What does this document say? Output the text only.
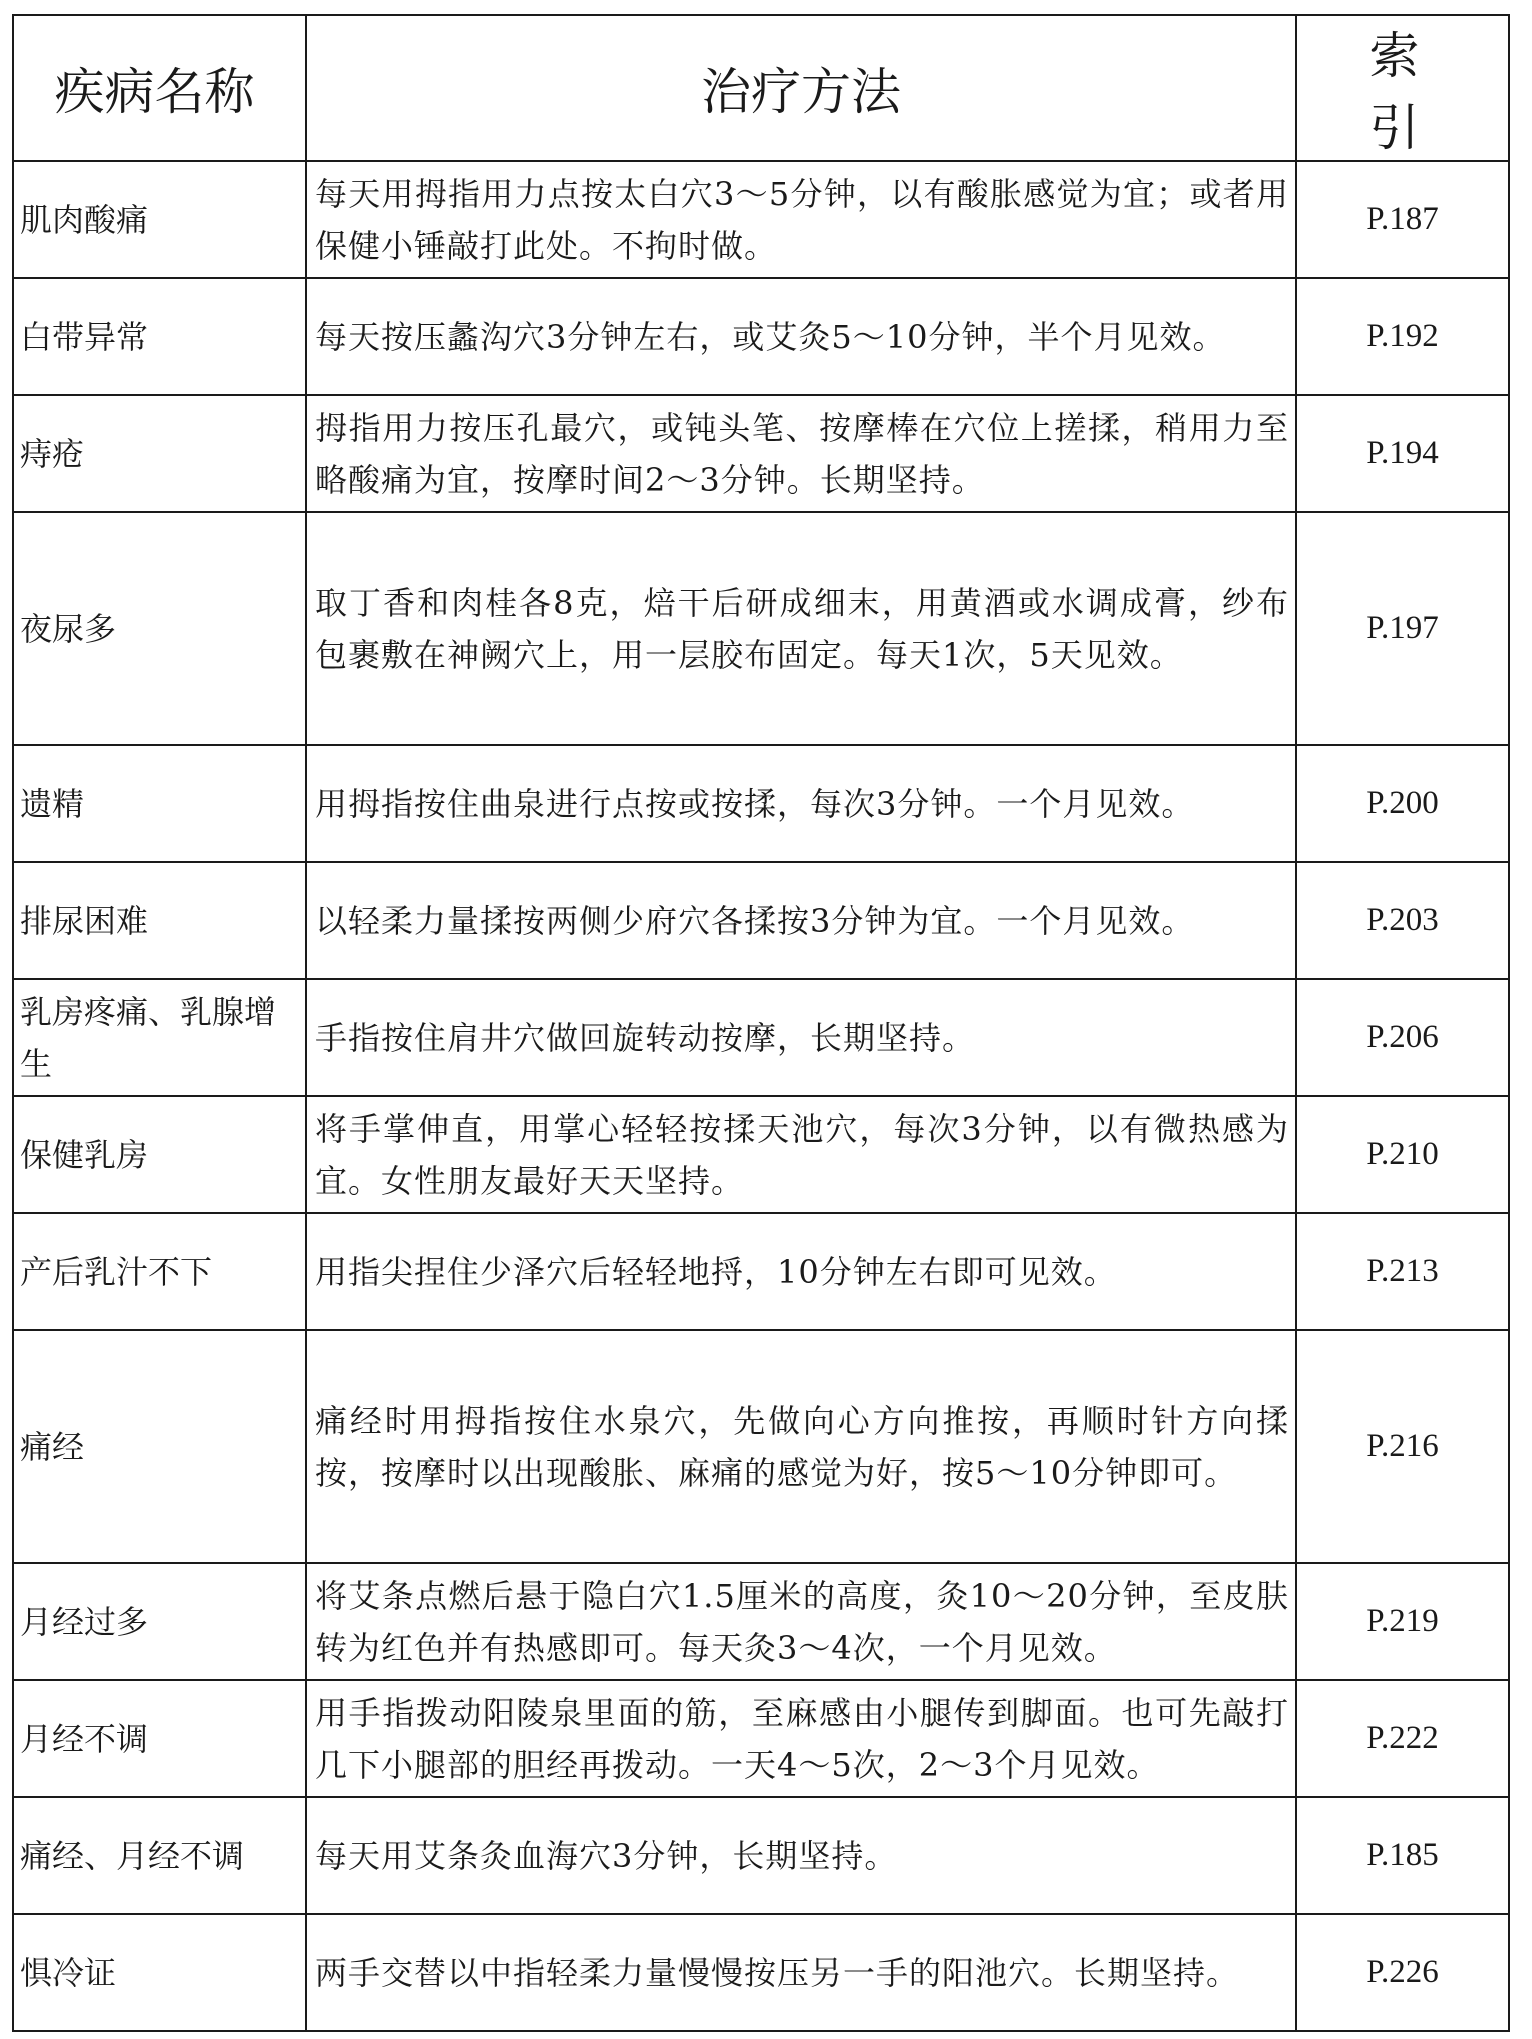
疾病名称	治疗方法	索引
肌肉酸痛	每天用拇指用力点按太白穴3～5分钟，以有酸胀感觉为宜；或者用保健小锤敲打此处。不拘时做。	P.187
白带异常	每天按压蠡沟穴3分钟左右，或艾灸5～10分钟，半个月见效。	P.192
痔疮	拇指用力按压孔最穴，或钝头笔、按摩棒在穴位上搓揉，稍用力至略酸痛为宜，按摩时间2～3分钟。长期坚持。	P.194
夜尿多	取丁香和肉桂各8克，焙干后研成细末，用黄酒或水调成膏，纱布包裹敷在神阙穴上，用一层胶布固定。每天1次，5天见效。	P.197
遗精	用拇指按住曲泉进行点按或按揉，每次3分钟。一个月见效。	P.200
排尿困难	以轻柔力量揉按两侧少府穴各揉按3分钟为宜。一个月见效。	P.203
乳房疼痛、乳腺增生	手指按住肩井穴做回旋转动按摩，长期坚持。	P.206
保健乳房	将手掌伸直，用掌心轻轻按揉天池穴，每次3分钟，以有微热感为宜。女性朋友最好天天坚持。	P.210
产后乳汁不下	用指尖捏住少泽穴后轻轻地捋，10分钟左右即可见效。	P.213
痛经	痛经时用拇指按住水泉穴，先做向心方向推按，再顺时针方向揉按，按摩时以出现酸胀、麻痛的感觉为好，按5～10分钟即可。	P.216
月经过多	将艾条点燃后悬于隐白穴1.5厘米的高度，灸10～20分钟，至皮肤转为红色并有热感即可。每天灸3～4次，一个月见效。	P.219
月经不调	用手指拨动阳陵泉里面的筋，至麻感由小腿传到脚面。也可先敲打几下小腿部的胆经再拨动。一天4～5次，2～3个月见效。	P.222
痛经、月经不调	每天用艾条灸血海穴3分钟，长期坚持。	P.185
惧冷证	两手交替以中指轻柔力量慢慢按压另一手的阳池穴。长期坚持。	P.226
